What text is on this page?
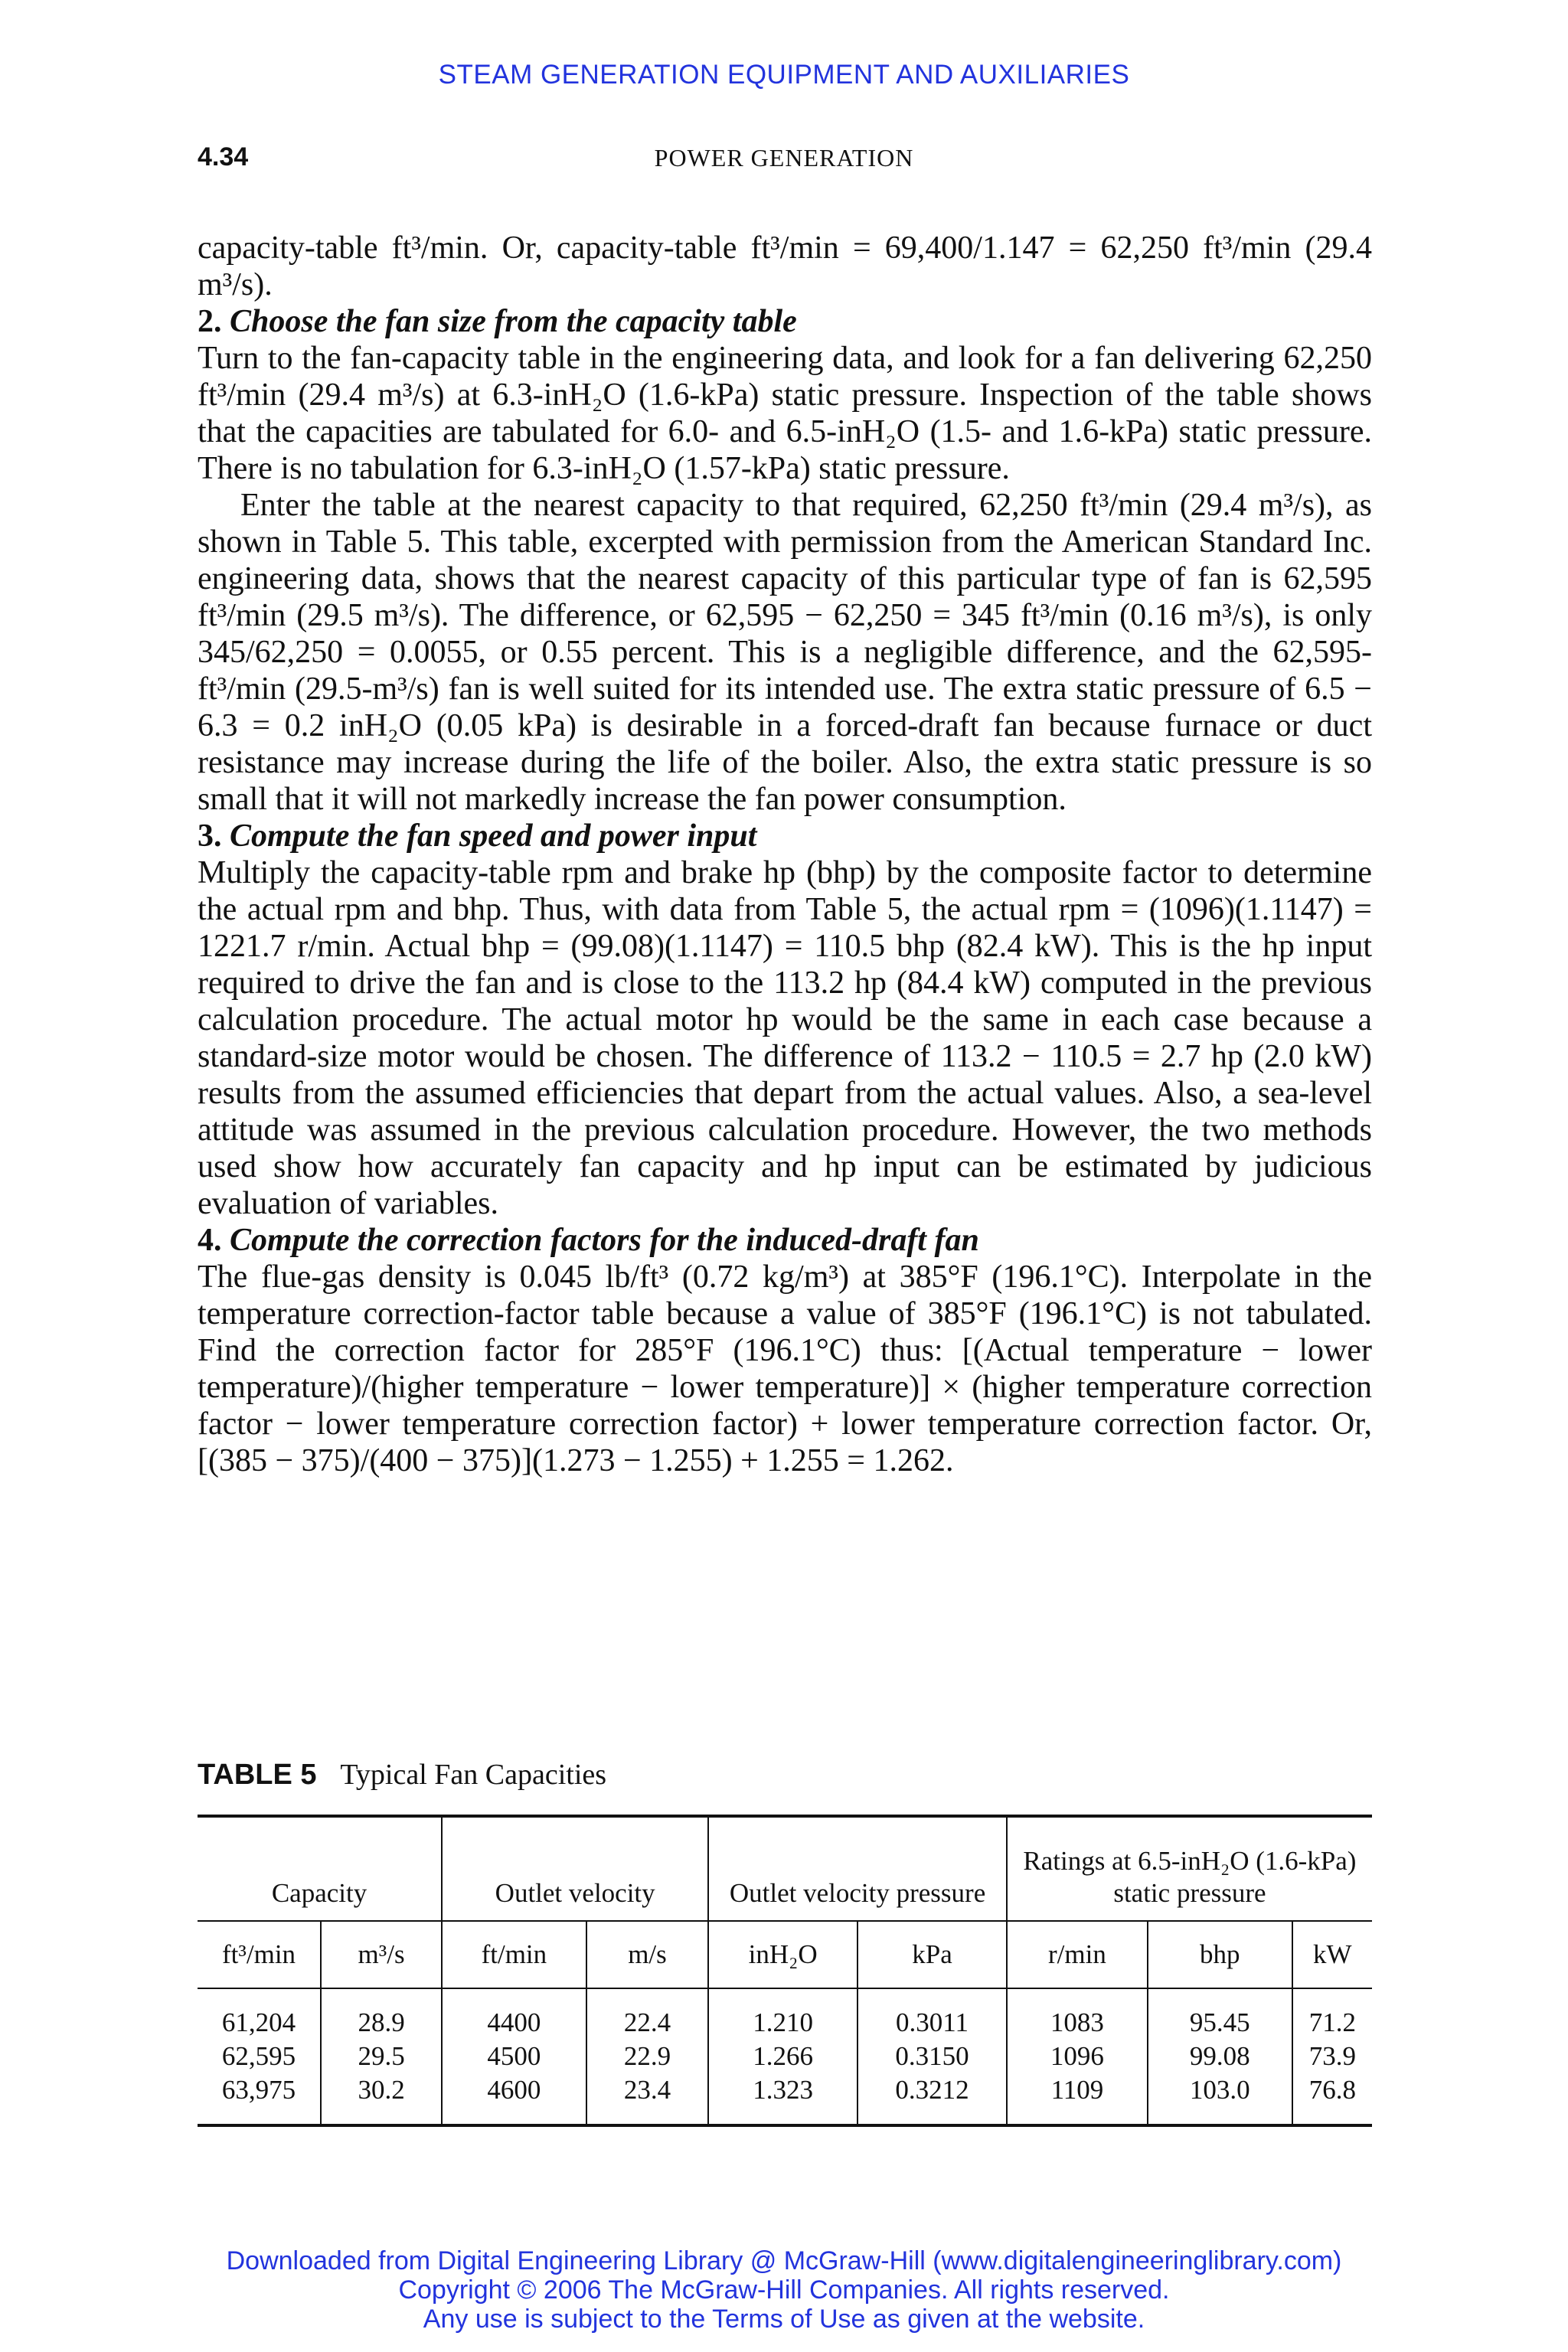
STEAM GENERATION EQUIPMENT AND AUXILIARIES
4.34	POWER GENERATION

capacity-table ft³/min. Or, capacity-table ft³/min = 69,400/1.147 = 62,250 ft³/min (29.4 m³/s).

2. Choose the fan size from the capacity table

Turn to the fan-capacity table in the engineering data, and look for a fan delivering 62,250 ft³/min (29.4 m³/s) at 6.3-inH₂O (1.6-kPa) static pressure. Inspection of the table shows that the capacities are tabulated for 6.0- and 6.5-inH₂O (1.5- and 1.6-kPa) static pressure. There is no tabulation for 6.3-inH₂O (1.57-kPa) static pressure.

Enter the table at the nearest capacity to that required, 62,250 ft³/min (29.4 m³/s), as shown in Table 5. This table, excerpted with permission from the American Standard Inc. engineering data, shows that the nearest capacity of this particular type of fan is 62,595 ft³/min (29.5 m³/s). The difference, or 62,595 − 62,250 = 345 ft³/min (0.16 m³/s), is only 345/62,250 = 0.0055, or 0.55 percent. This is a negligible difference, and the 62,595-ft³/min (29.5-m³/s) fan is well suited for its intended use. The extra static pressure of 6.5 − 6.3 = 0.2 inH₂O (0.05 kPa) is desirable in a forced-draft fan because furnace or duct resistance may increase during the life of the boiler. Also, the extra static pressure is so small that it will not markedly increase the fan power consumption.

3. Compute the fan speed and power input

Multiply the capacity-table rpm and brake hp (bhp) by the composite factor to determine the actual rpm and bhp. Thus, with data from Table 5, the actual rpm = (1096)(1.1147) = 1221.7 r/min. Actual bhp = (99.08)(1.1147) = 110.5 bhp (82.4 kW). This is the hp input required to drive the fan and is close to the 113.2 hp (84.4 kW) computed in the previous calculation procedure. The actual motor hp would be the same in each case because a standard-size motor would be chosen. The difference of 113.2 − 110.5 = 2.7 hp (2.0 kW) results from the assumed efficiencies that depart from the actual values. Also, a sea-level attitude was assumed in the previous calculation procedure. However, the two methods used show how accurately fan capacity and hp input can be estimated by judicious evaluation of variables.

4. Compute the correction factors for the induced-draft fan

The flue-gas density is 0.045 lb/ft³ (0.72 kg/m³) at 385°F (196.1°C). Interpolate in the temperature correction-factor table because a value of 385°F (196.1°C) is not tabulated. Find the correction factor for 285°F (196.1°C) thus: [(Actual temperature − lower temperature)/(higher temperature − lower temperature)] × (higher temperature correction factor − lower temperature correction factor) + lower temperature correction factor. Or, [(385 − 375)/(400 − 375)](1.273 − 1.255) + 1.255 = 1.262.

TABLE 5 Typical Fan Capacities
Capacity		Outlet velocity		Outlet velocity pressure		Ratings at 6.5-inH₂O (1.6-kPa) static pressure		
ft³/min	m³/s	ft/min	m/s	inH₂O	kPa	r/min	bhp	kW
61,204	28.9	4400	22.4	1.210	0.3011	1083	95.45	71.2
62,595	29.5	4500	22.9	1.266	0.3150	1096	99.08	73.9
63,975	30.2	4600	23.4	1.323	0.3212	1109	103.0	76.8
Downloaded from Digital Engineering Library @ McGraw-Hill (www.digitalengineeringlibrary.com)
Copyright © 2006 The McGraw-Hill Companies. All rights reserved.
Any use is subject to the Terms of Use as given at the website.
